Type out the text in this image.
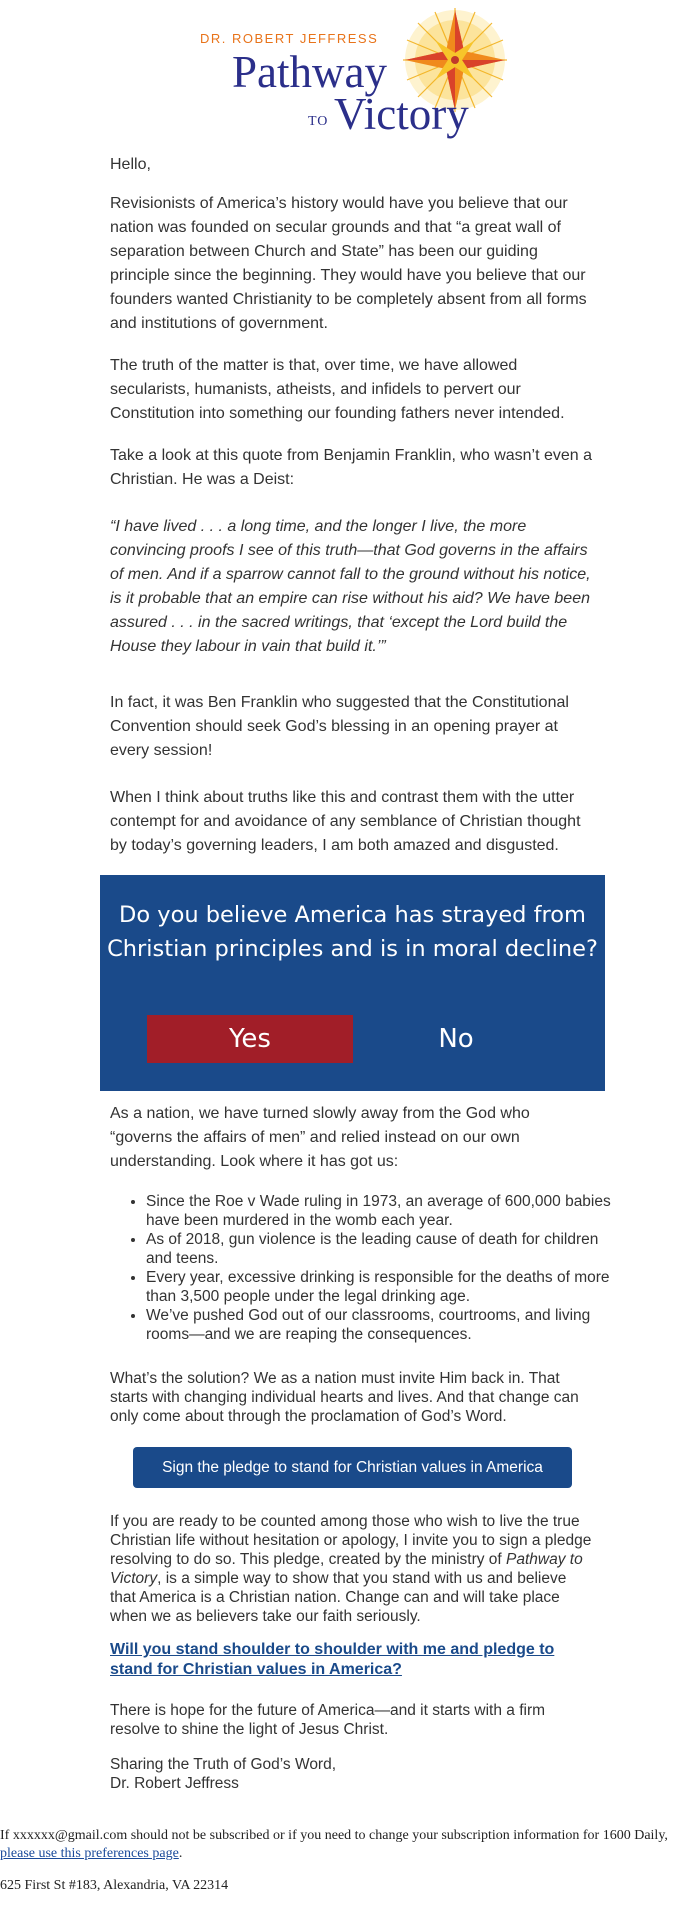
DR. ROBERT JEFFRESS
Pathway
TO Victory

Hello,

Revisionists of America’s history would have you believe that our nation was founded on secular grounds and that “a great wall of separation between Church and State” has been our guiding principle since the beginning. They would have you believe that our founders wanted Christianity to be completely absent from all forms and institutions of government.

The truth of the matter is that, over time, we have allowed secularists, humanists, atheists, and infidels to pervert our Constitution into something our founding fathers never intended.

Take a look at this quote from Benjamin Franklin, who wasn’t even a Christian. He was a Deist:

“I have lived . . . a long time, and the longer I live, the more convincing proofs I see of this truth—that God governs in the affairs of men. And if a sparrow cannot fall to the ground without his notice, is it probable that an empire can rise without his aid? We have been assured . . . in the sacred writings, that ‘except the Lord build the House they labour in vain that build it.’”

In fact, it was Ben Franklin who suggested that the Constitutional Convention should seek God’s blessing in an opening prayer at every session!

When I think about truths like this and contrast them with the utter contempt for and avoidance of any semblance of Christian thought by today’s governing leaders, I am both amazed and disgusted.

Do you believe America has strayed from Christian principles and is in moral decline?
Yes	No

As a nation, we have turned slowly away from the God who “governs the affairs of men” and relied instead on our own understanding. Look where it has got us:

• Since the Roe v Wade ruling in 1973, an average of 600,000 babies have been murdered in the womb each year.
• As of 2018, gun violence is the leading cause of death for children and teens.
• Every year, excessive drinking is responsible for the deaths of more than 3,500 people under the legal drinking age.
• We’ve pushed God out of our classrooms, courtrooms, and living rooms—and we are reaping the consequences.

What’s the solution? We as a nation must invite Him back in. That starts with changing individual hearts and lives. And that change can only come about through the proclamation of God’s Word.

Sign the pledge to stand for Christian values in America

If you are ready to be counted among those who wish to live the true Christian life without hesitation or apology, I invite you to sign a pledge resolving to do so. This pledge, created by the ministry of Pathway to Victory, is a simple way to show that you stand with us and believe that America is a Christian nation. Change can and will take place when we as believers take our faith seriously.

Will you stand shoulder to shoulder with me and pledge to stand for Christian values in America?

There is hope for the future of America—and it starts with a firm resolve to shine the light of Jesus Christ.

Sharing the Truth of God’s Word,

Dr. Robert Jeffress

If xxxxxx@gmail.com should not be subscribed or if you need to change your subscription information for 1600 Daily, please use this preferences page.
625 First St #183, Alexandria, VA 22314
